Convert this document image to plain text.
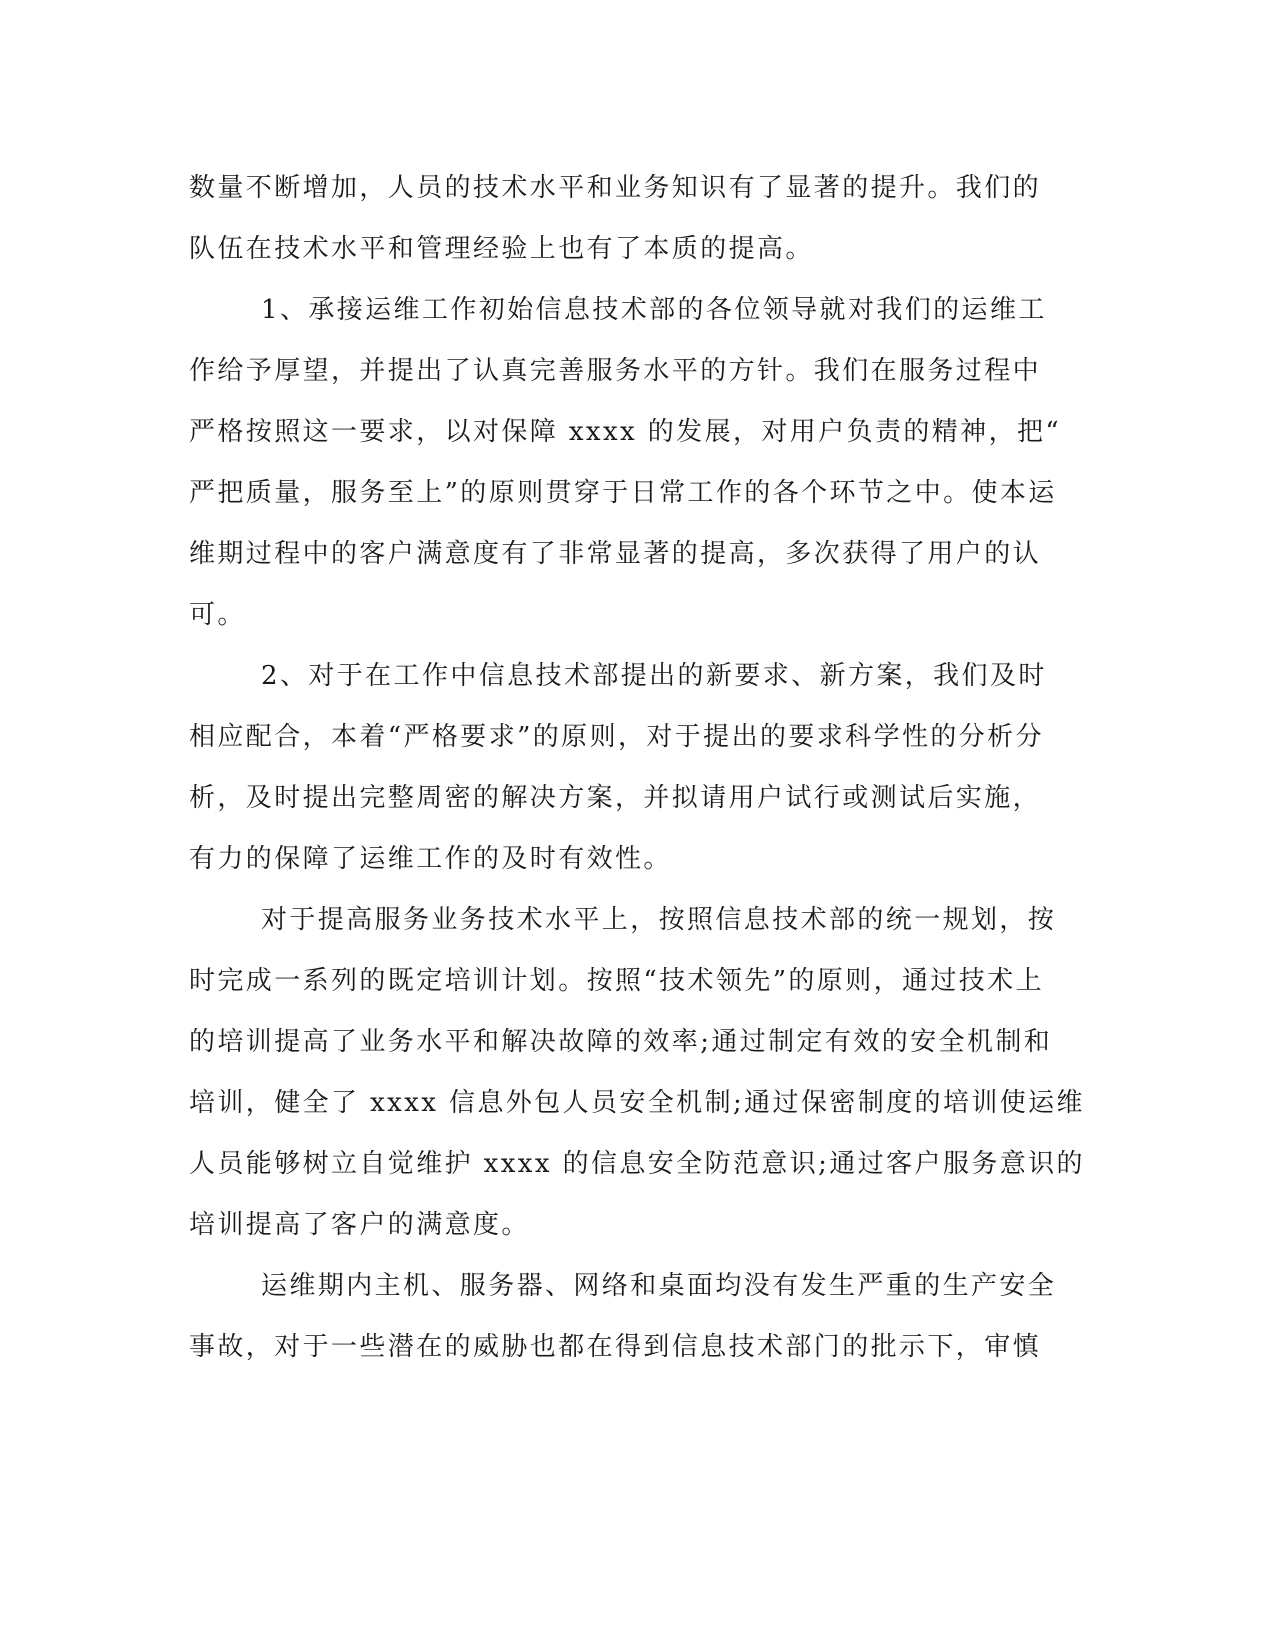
数量不断增加，人员的技术水平和业务知识有了显著的提升。我们的
队伍在技术水平和管理经验上也有了本质的提高。
1、承接运维工作初始信息技术部的各位领导就对我们的运维工
作给予厚望，并提出了认真完善服务水平的方针。我们在服务过程中
严格按照这一要求，以对保障 xxxx 的发展，对用户负责的精神，把“
严把质量，服务至上”的原则贯穿于日常工作的各个环节之中。使本运
维期过程中的客户满意度有了非常显著的提高，多次获得了用户的认
可。
2、对于在工作中信息技术部提出的新要求、新方案，我们及时
相应配合，本着“严格要求”的原则，对于提出的要求科学性的分析分
析，及时提出完整周密的解决方案，并拟请用户试行或测试后实施，
有力的保障了运维工作的及时有效性。
对于提高服务业务技术水平上，按照信息技术部的统一规划，按
时完成一系列的既定培训计划。按照“技术领先”的原则，通过技术上
的培训提高了业务水平和解决故障的效率;通过制定有效的安全机制和
培训，健全了 xxxx 信息外包人员安全机制;通过保密制度的培训使运维
人员能够树立自觉维护 xxxx 的信息安全防范意识;通过客户服务意识的
培训提高了客户的满意度。
运维期内主机、服务器、网络和桌面均没有发生严重的生产安全
事故，对于一些潜在的威胁也都在得到信息技术部门的批示下，审慎
